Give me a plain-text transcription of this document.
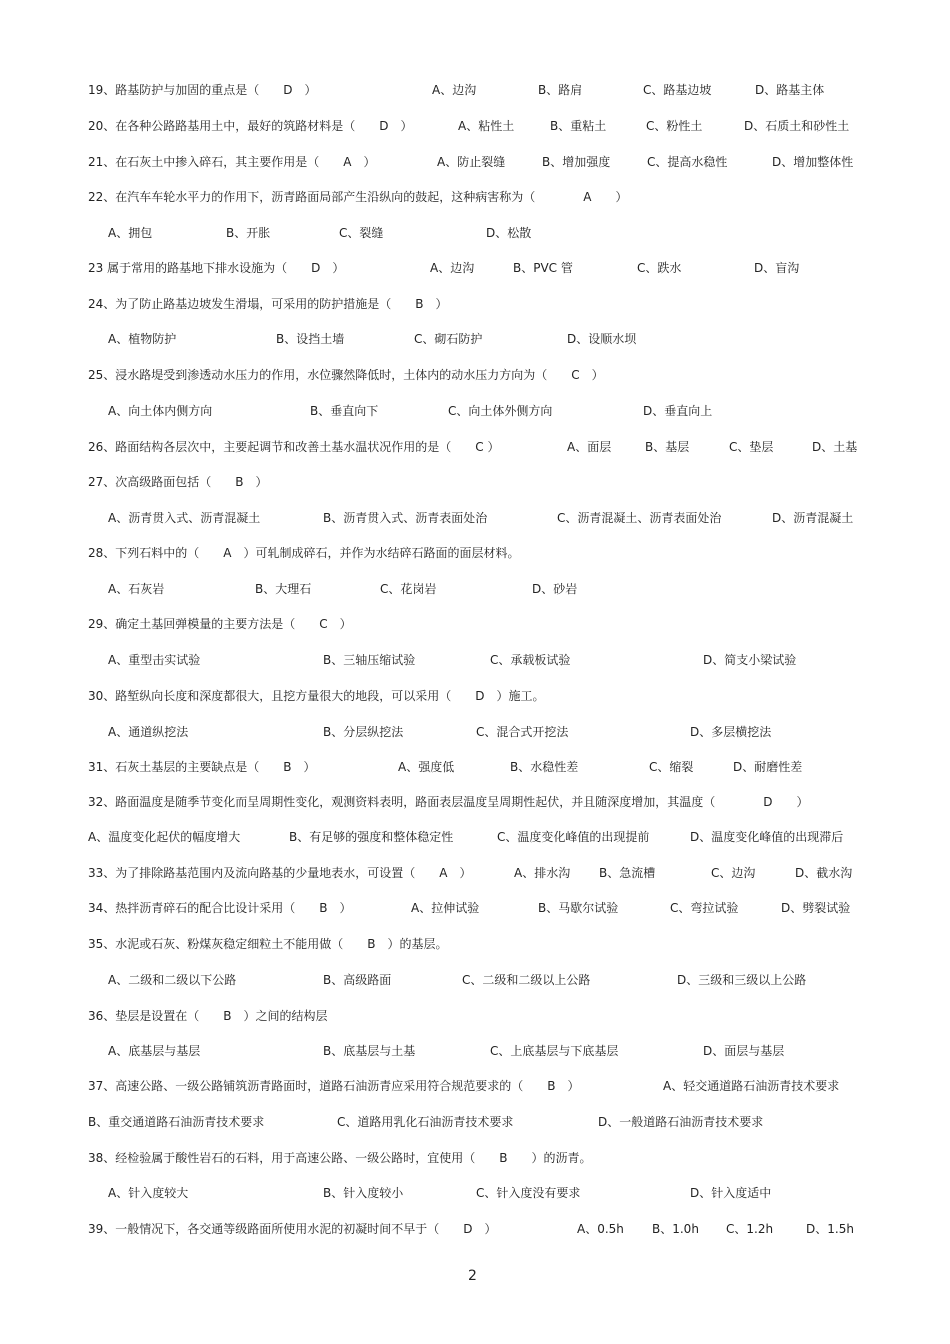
19、路基防护与加固的重点是（　　D　）	A、边沟	B、路肩	C、路基边坡	D、路基主体
20、在各种公路路基用土中，最好的筑路材料是（　　D　）	A、粘性土	B、重粘土	C、粉性土	D、石质土和砂性土
21、在石灰土中掺入碎石，其主要作用是（　　A　）	A、防止裂缝	B、增加强度	C、提高水稳性	D、增加整体性
22、在汽车车轮水平力的作用下，沥青路面局部产生沿纵向的鼓起，这种病害称为（　　　　A　　）
A、拥包	B、开胀	C、裂缝	D、松散
23 属于常用的路基地下排水设施为（　　D　）	A、边沟	B、PVC 管	C、跌水	D、盲沟
24、为了防止路基边坡发生滑塌，可采用的防护措施是（　　B　）
A、植物防护	B、设挡土墙	C、砌石防护	D、设顺水坝
25、浸水路堤受到渗透动水压力的作用，水位骤然降低时，土体内的动水压力方向为（　　C　）
A、向土体内侧方向	B、垂直向下	C、向土体外侧方向	D、垂直向上
26、路面结构各层次中，主要起调节和改善土基水温状况作用的是（　　C ）	A、面层	B、基层	C、垫层	D、土基
27、次高级路面包括（　　B　）
A、沥青贯入式、沥青混凝土	B、沥青贯入式、沥青表面处治	C、沥青混凝土、沥青表面处治	D、沥青混凝土
28、下列石料中的（　　A　）可轧制成碎石，并作为水结碎石路面的面层材料。
A、石灰岩	B、大理石	C、花岗岩	D、砂岩
29、确定土基回弹模量的主要方法是（　　C　）
A、重型击实试验	B、三轴压缩试验	C、承载板试验	D、简支小梁试验
30、路堑纵向长度和深度都很大，且挖方量很大的地段，可以采用（　　D　）施工。
A、通道纵挖法	B、分层纵挖法	C、混合式开挖法	D、多层横挖法
31、石灰土基层的主要缺点是（　　B　）	A、强度低	B、水稳性差	C、缩裂	D、耐磨性差
32、路面温度是随季节变化而呈周期性变化，观测资料表明，路面表层温度呈周期性起伏，并且随深度增加，其温度（　　　　D　　）
A、温度变化起伏的幅度增大	B、有足够的强度和整体稳定性	C、温度变化峰值的出现提前	D、温度变化峰值的出现滞后
33、为了排除路基范围内及流向路基的少量地表水，可设置（　　A　）	A、排水沟 B、急流槽	C、边沟	D、截水沟
34、热拌沥青碎石的配合比设计采用（　　B　）	A、拉伸试验	B、马歇尔试验	C、弯拉试验	D、劈裂试验
35、水泥或石灰、粉煤灰稳定细粒土不能用做（　　B　）的基层。
A、二级和二级以下公路	B、高级路面	C、二级和二级以上公路	D、三级和三级以上公路
36、垫层是设置在（　　B　）之间的结构层
A、底基层与基层	B、底基层与土基	C、上底基层与下底基层	D、面层与基层
37、高速公路、一级公路铺筑沥青路面时，道路石油沥青应采用符合规范要求的（　　B　）	A、轻交通道路石油沥青技术要求
B、重交通道路石油沥青技术要求	C、道路用乳化石油沥青技术要求	D、一般道路石油沥青技术要求
38、经检验属于酸性岩石的石料，用于高速公路、一级公路时，宜使用（　　B　　）的沥青。
A、针入度较大	B、针入度较小	C、针入度没有要求	D、针入度适中
39、一般情况下，各交通等级路面所使用水泥的初凝时间不早于（　　D　）	A、0.5h B、1.0h C、1.2h	D、1.5h
2
